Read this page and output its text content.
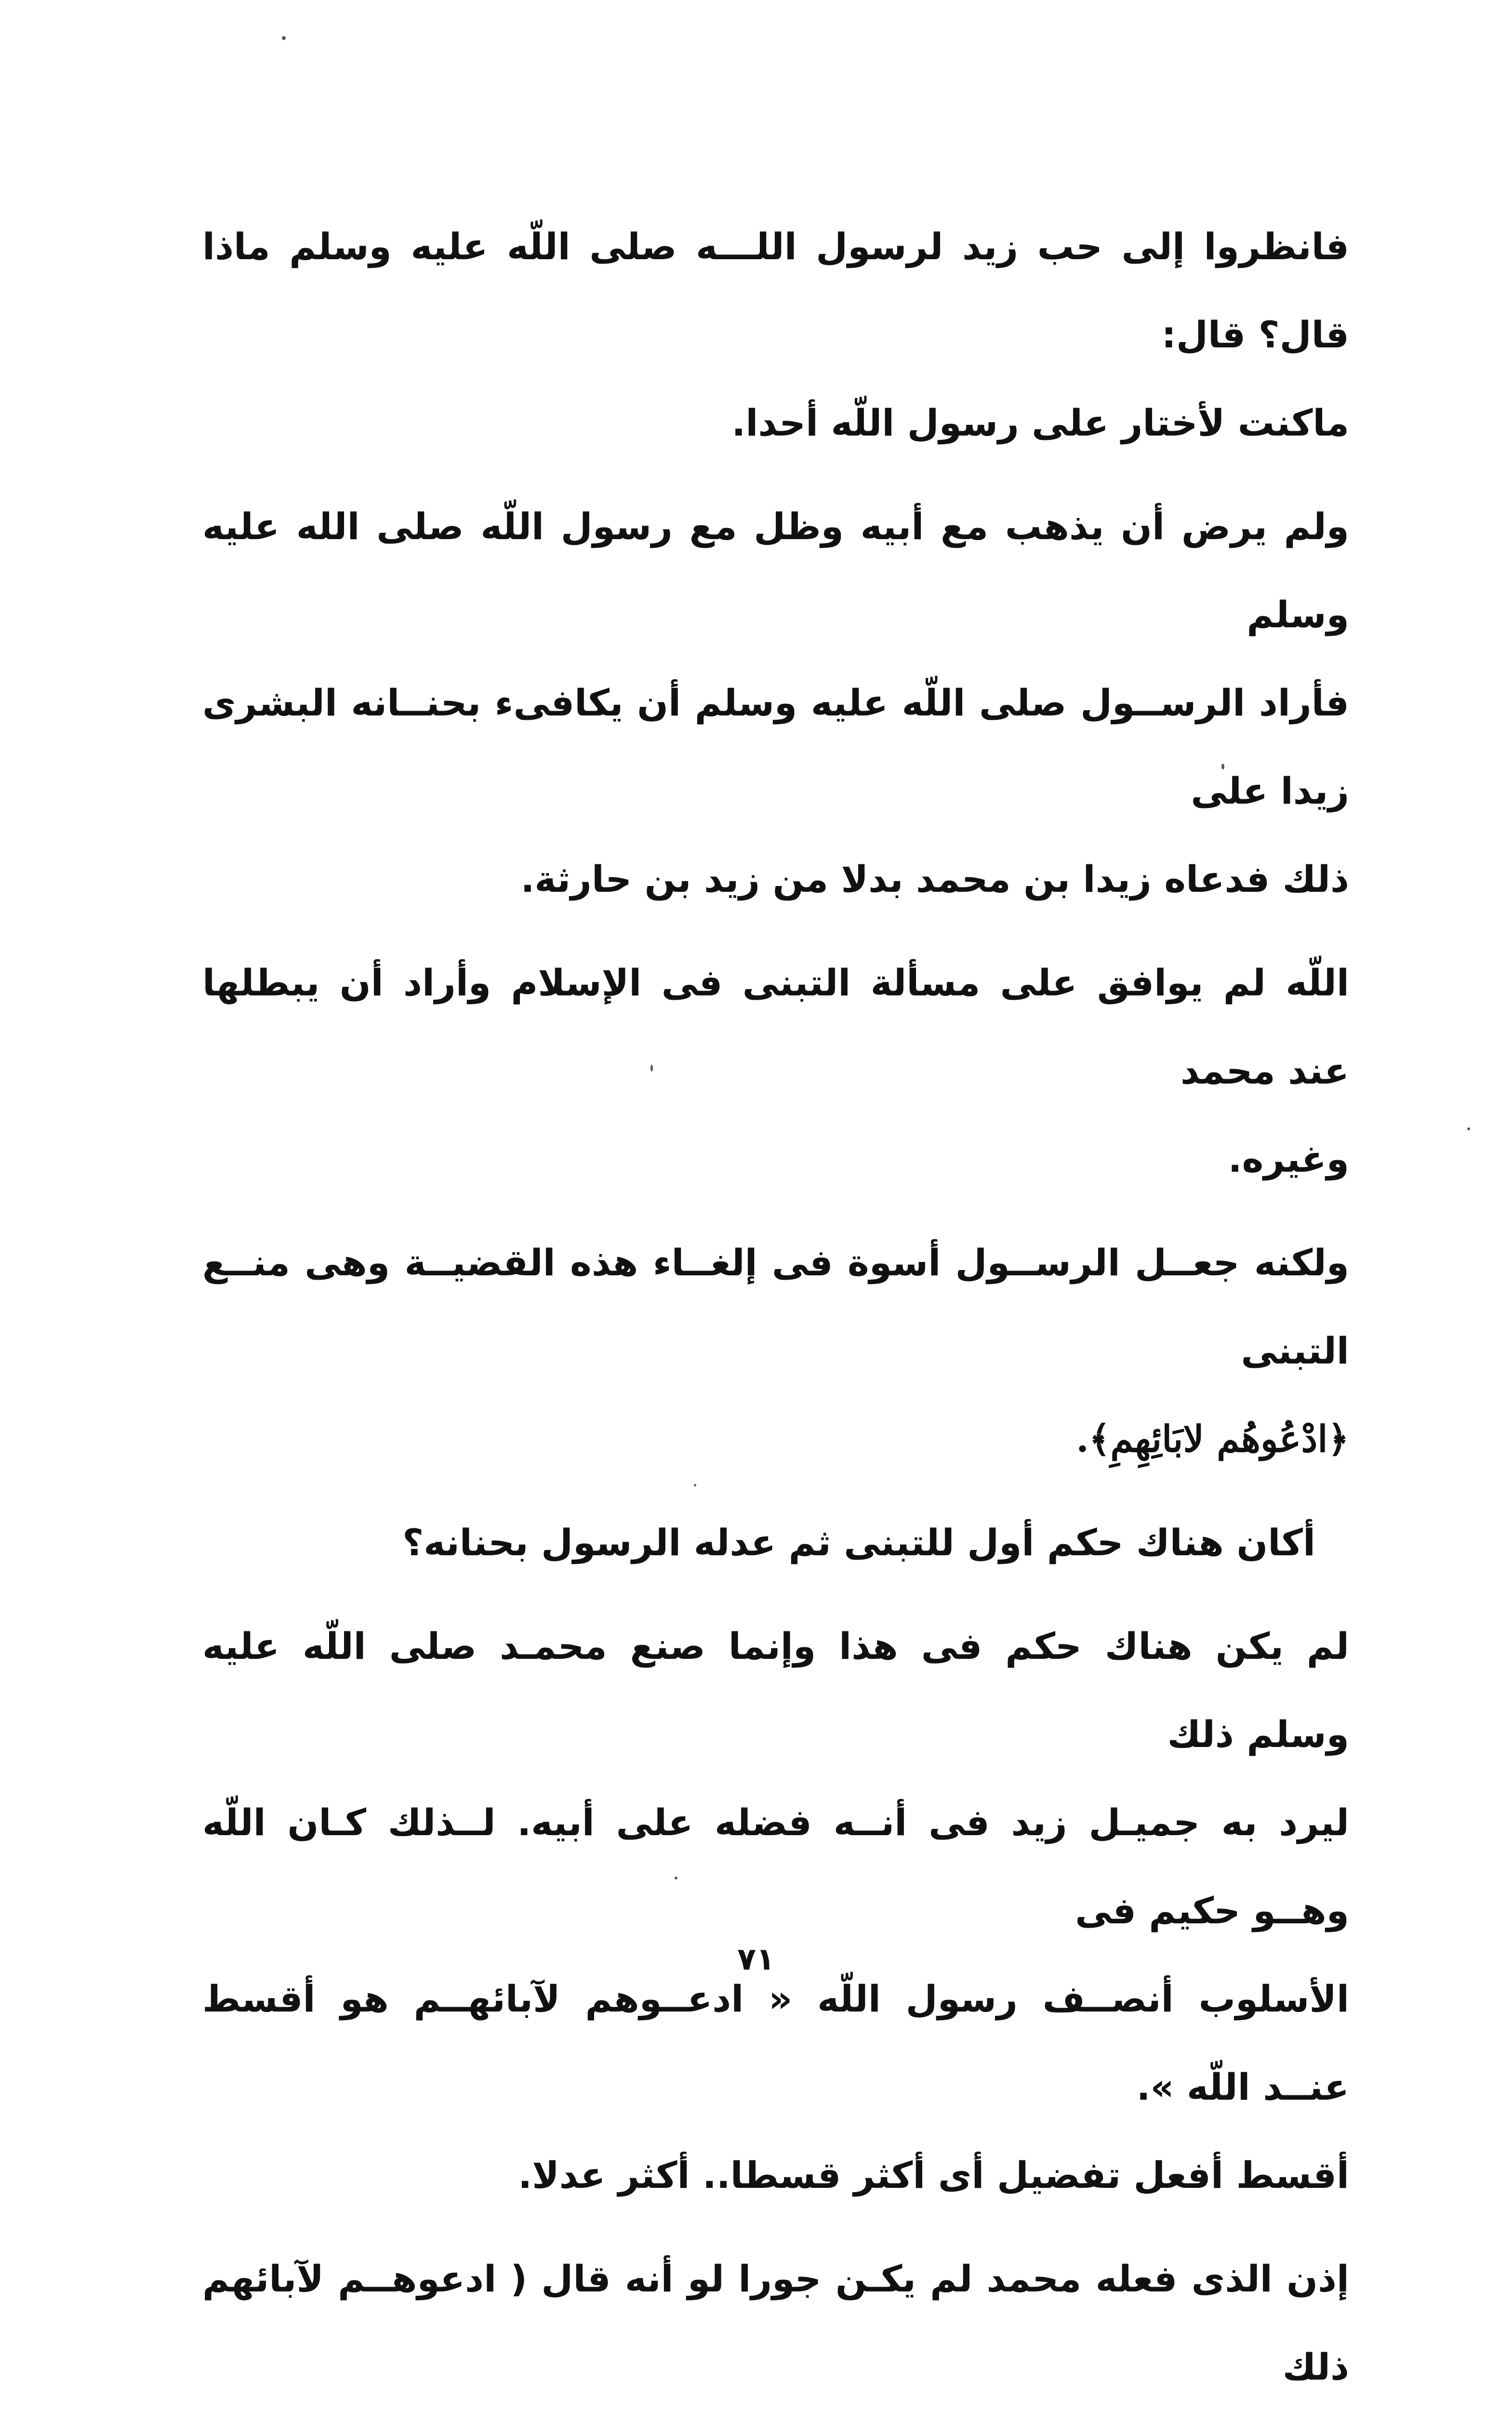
فانظروا إلى حب زيد لرسول اللـــه صلى اللّه عليه وسلم ماذا قال؟ قال:
ماكنت لأختار على رسول اللّه أحدا.

ولم يرض أن يذهب مع أبيه وظل مع رسول اللّه صلى الله عليه وسلم
فأراد الرســول صلى اللّه عليه وسلم أن يكافىء بحنــانه البشرى زيدا على
ذلك فدعاه زيدا بن محمد بدلا من زيد بن حارثة.

اللّه لم يوافق على مسألة التبنى فى الإسلام وأراد أن يبطلها عند محمد
وغيره.

ولكنه جعــل الرســول أسوة فى إلغــاء هذه القضيــة وهى منــع التبنى
﴿ادْعُوهُم لابَائِهِمِ﴾.

أكان هناك حكم أول للتبنى ثم عدله الرسول بحنانه؟

لم يكن هناك حكم فى هذا وإنما صنع محمـد صلى اللّه عليه وسلم ذلك
ليرد به جميـل زيد فى أنــه فضله على أبيه. لــذلك كـان اللّه وهــو حكيم فى
الأسلوب أنصــف رسول اللّه « ادعــوهم لآبائهــم هو أقسط عنــد اللّه ».
أقسط أفعل تفضيل أى أكثر قسطا.. أكثر عدلا.

إذن الذى فعله محمد لم يكـن جورا لو أنه قال ( ادعوهــم لآبائهم ذلك

٧١
